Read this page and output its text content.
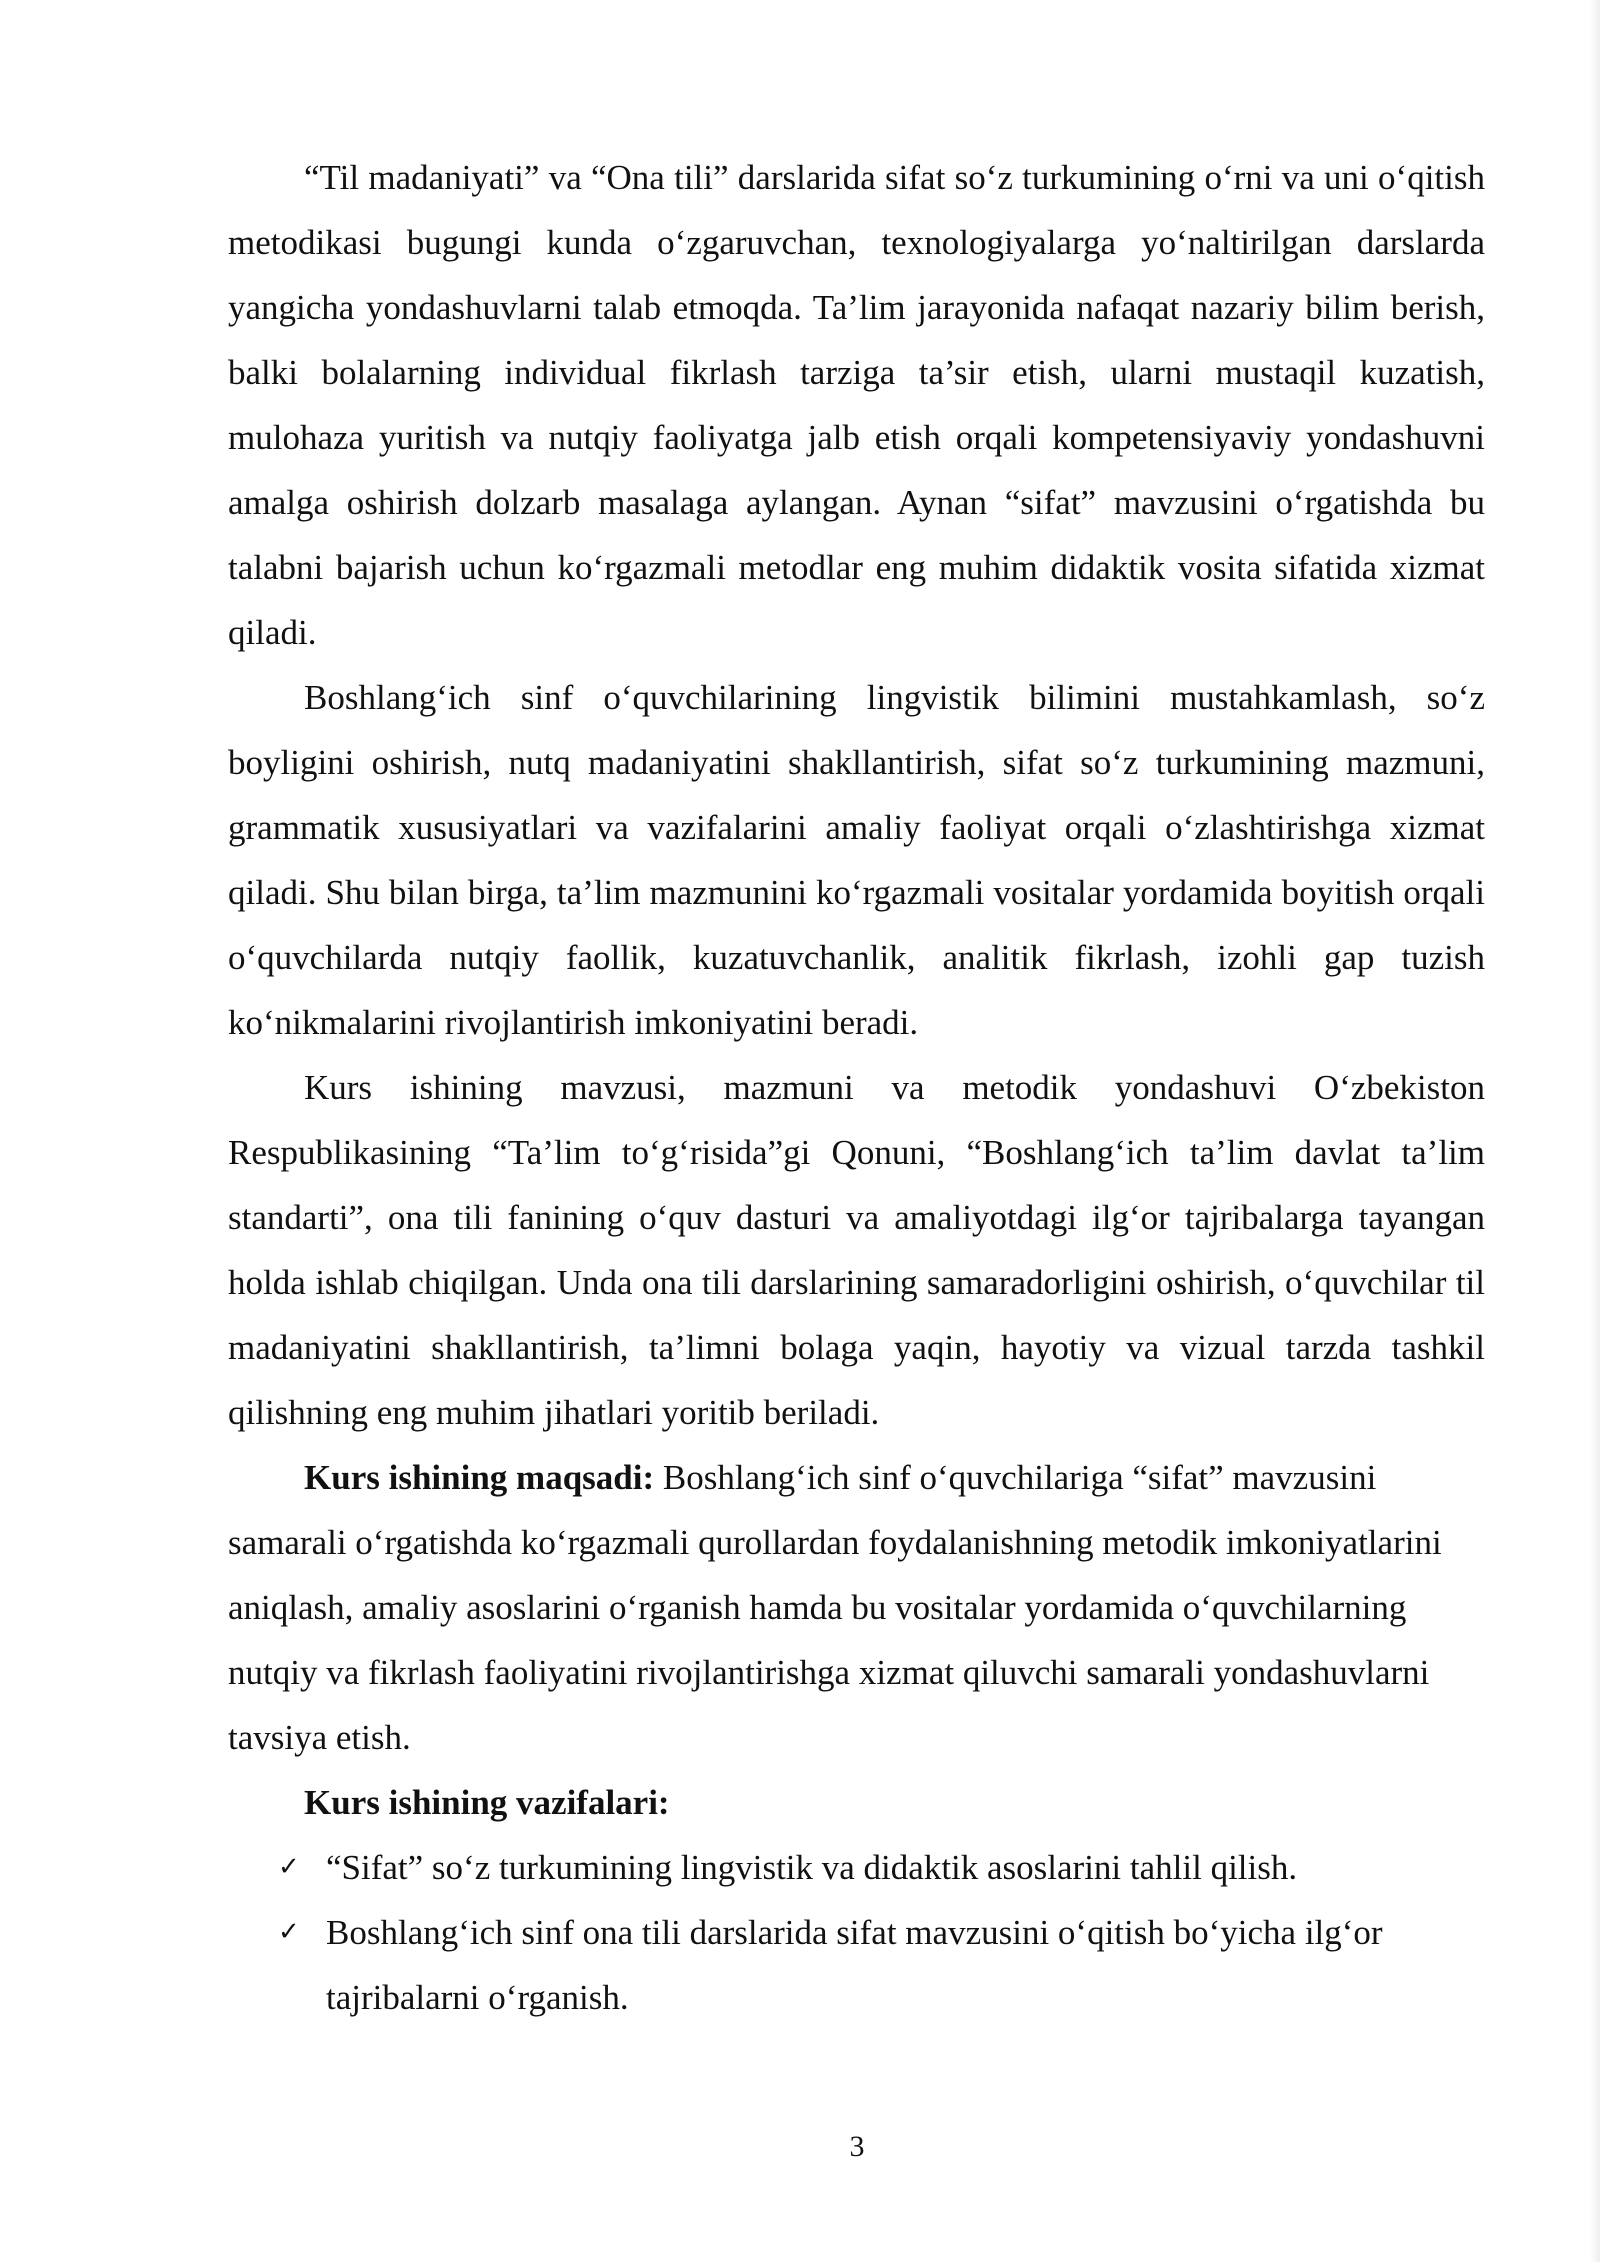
“Til madaniyati” va “Ona tili” darslarida sifat so‘z turkumining o‘rni va uni o‘qitish metodikasi bugungi kunda o‘zgaruvchan, texnologiyalarga yo‘naltirilgan darslarda yangicha yondashuvlarni talab etmoqda. Ta’lim jarayonida nafaqat nazariy bilim berish, balki bolalarning individual fikrlash tarziga ta’sir etish, ularni mustaqil kuzatish, mulohaza yuritish va nutqiy faoliyatga jalb etish orqali kompetensiyaviy yondashuvni amalga oshirish dolzarb masalaga aylangan. Aynan “sifat” mavzusini o‘rgatishda bu talabni bajarish uchun ko‘rgazmali metodlar eng muhim didaktik vosita sifatida xizmat qiladi.

Boshlang‘ich sinf o‘quvchilarining lingvistik bilimini mustahkamlash, so‘z boyligini oshirish, nutq madaniyatini shakllantirish, sifat so‘z turkumining mazmuni, grammatik xususiyatlari va vazifalarini amaliy faoliyat orqali o‘zlashtirishga xizmat qiladi. Shu bilan birga, ta’lim mazmunini ko‘rgazmali vositalar yordamida boyitish orqali o‘quvchilarda nutqiy faollik, kuzatuvchanlik, analitik fikrlash, izohli gap tuzish ko‘nikmalarini rivojlantirish imkoniyatini beradi.

Kurs ishining mavzusi, mazmuni va metodik yondashuvi O‘zbekiston Respublikasining “Ta’lim to‘g‘risida”gi Qonuni, “Boshlang‘ich ta’lim davlat ta’lim standarti”, ona tili fanining o‘quv dasturi va amaliyotdagi ilg‘or tajribalarga tayangan holda ishlab chiqilgan. Unda ona tili darslarining samaradorligini oshirish, o‘quvchilar til madaniyatini shakllantirish, ta’limni bolaga yaqin, hayotiy va vizual tarzda tashkil qilishning eng muhim jihatlari yoritib beriladi.

Kurs ishining maqsadi: Boshlang‘ich sinf o‘quvchilariga “sifat” mavzusini samarali o‘rgatishda ko‘rgazmali qurollardan foydalanishning metodik imkoniyatlarini aniqlash, amaliy asoslarini o‘rganish hamda bu vositalar yordamida o‘quvchilarning nutqiy va fikrlash faoliyatini rivojlantirishga xizmat qiluvchi samarali yondashuvlarni tavsiya etish.

Kurs ishining vazifalari:

✓ “Sifat” so‘z turkumining lingvistik va didaktik asoslarini tahlil qilish.
✓ Boshlang‘ich sinf ona tili darslarida sifat mavzusini o‘qitish bo‘yicha ilg‘or tajribalarni o‘rganish.
3
